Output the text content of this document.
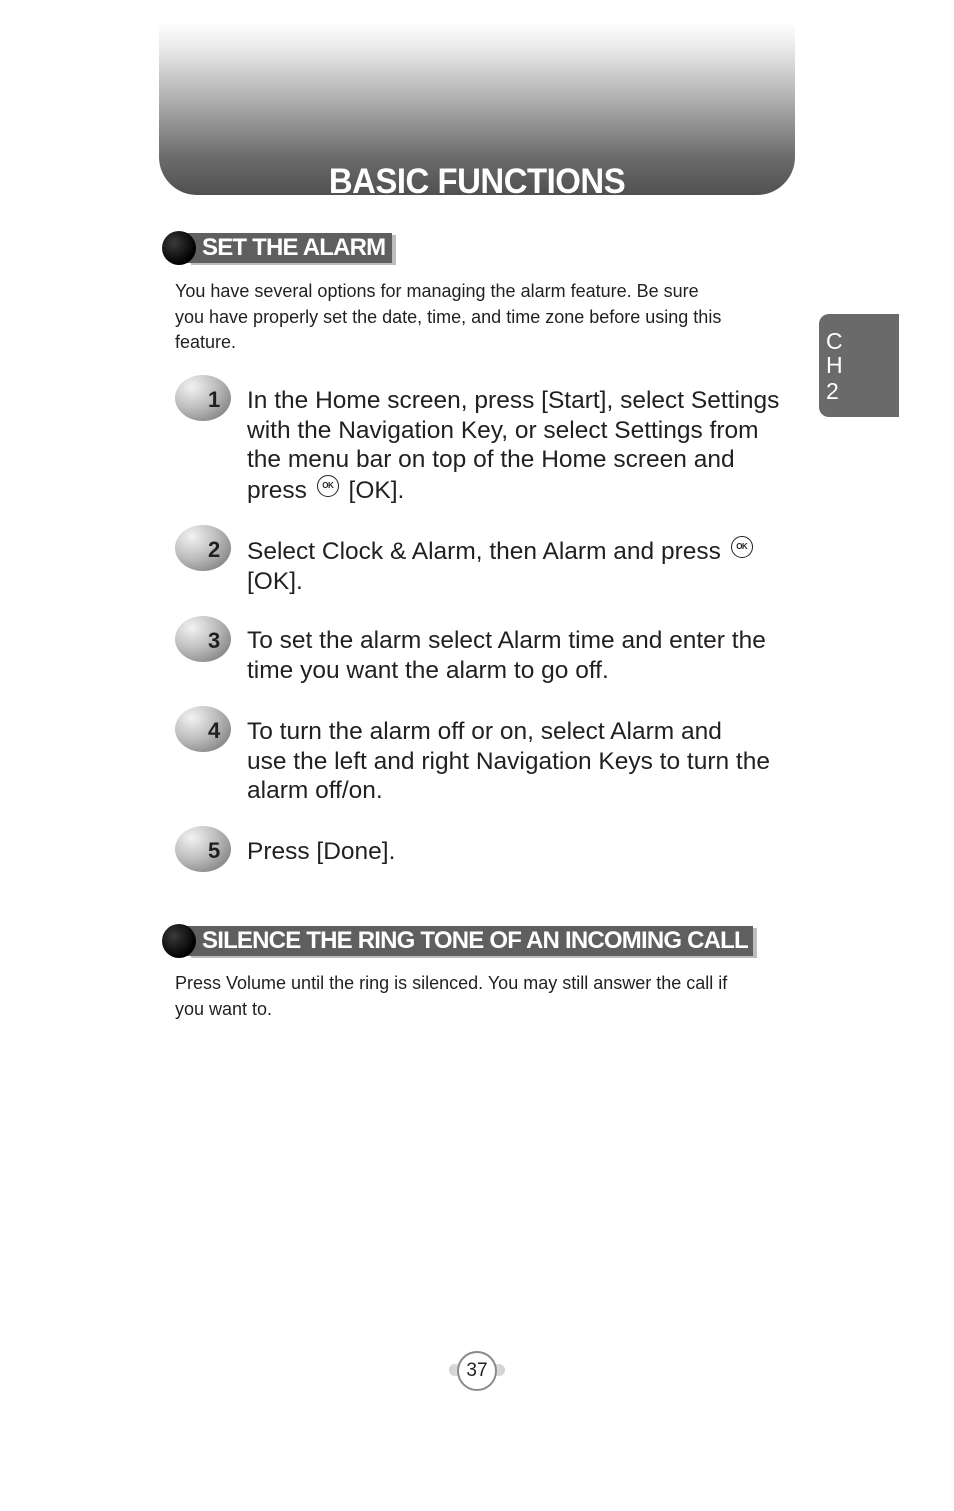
BASIC FUNCTIONS
C
H
2
SET THE ALARM
You have several options for managing the alarm feature. Be sure
you have properly set the date, time, and time zone before using this
feature.
1 In the Home screen, press [Start], select Settings
with the Navigation Key, or select Settings from
the menu bar on top of the Home screen and
press OK [OK].
2 Select Clock & Alarm, then Alarm and press OK
[OK].
3 To set the alarm select Alarm time and enter the
time you want the alarm to go off.
4 To turn the alarm off or on, select Alarm and
use the left and right Navigation Keys to turn the
alarm off/on.
5 Press [Done].
SILENCE THE RING TONE OF AN INCOMING CALL
Press Volume until the ring is silenced. You may still answer the call if
you want to.
37
